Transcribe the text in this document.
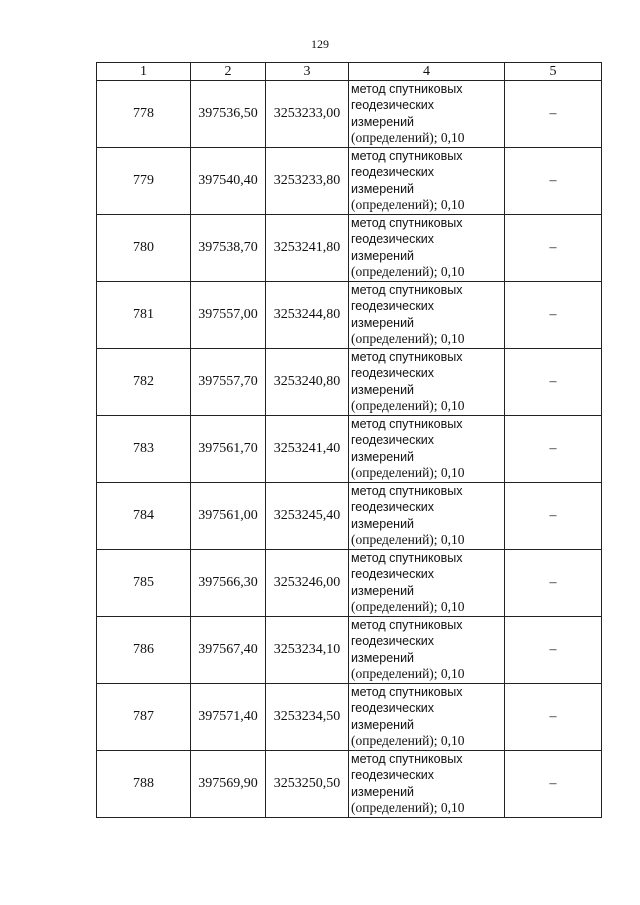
129
1	2	3	4	5
778	397536,50	3253233,00	метод спутниковых
геодезических
измерений
(определений); 0,10	–
779	397540,40	3253233,80	метод спутниковых
геодезических
измерений
(определений); 0,10	–
780	397538,70	3253241,80	метод спутниковых
геодезических
измерений
(определений); 0,10	–
781	397557,00	3253244,80	метод спутниковых
геодезических
измерений
(определений); 0,10	–
782	397557,70	3253240,80	метод спутниковых
геодезических
измерений
(определений); 0,10	–
783	397561,70	3253241,40	метод спутниковых
геодезических
измерений
(определений); 0,10	–
784	397561,00	3253245,40	метод спутниковых
геодезических
измерений
(определений); 0,10	–
785	397566,30	3253246,00	метод спутниковых
геодезических
измерений
(определений); 0,10	–
786	397567,40	3253234,10	метод спутниковых
геодезических
измерений
(определений); 0,10	–
787	397571,40	3253234,50	метод спутниковых
геодезических
измерений
(определений); 0,10	–
788	397569,90	3253250,50	метод спутниковых
геодезических
измерений
(определений); 0,10	–
